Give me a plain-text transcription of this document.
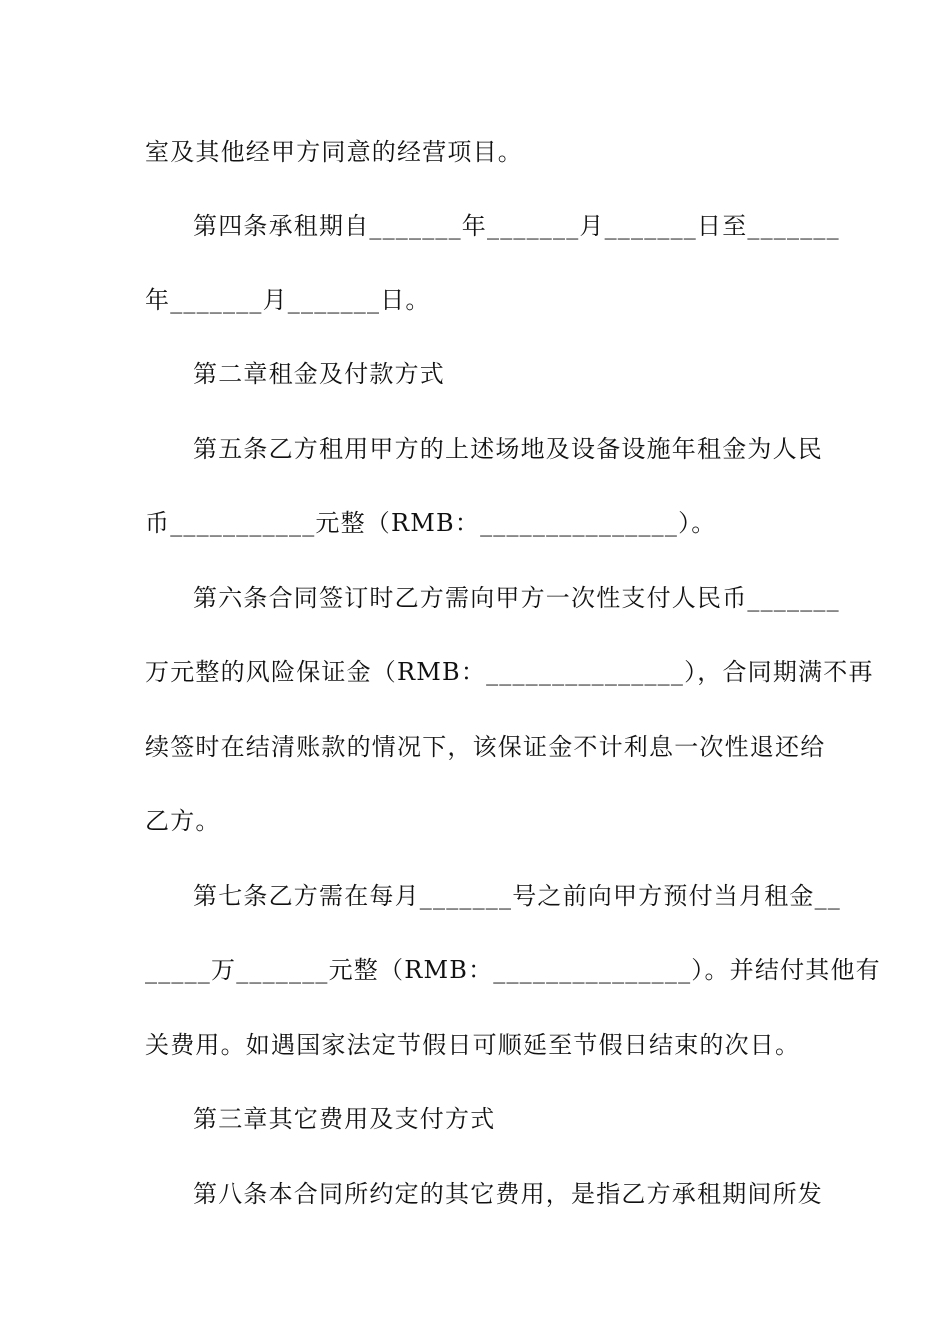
室及其他经甲方同意的经营项目。
第四条承租期自_______年_______月_______日至_______
年_______月_______日。
第二章租金及付款方式
第五条乙方租用甲方的上述场地及设备设施年租金为人民
币___________元整（RMB：_______________）。
第六条合同签订时乙方需向甲方一次性支付人民币_______
万元整的风险保证金（RMB：_______________），合同期满不再
续签时在结清账款的情况下，该保证金不计利息一次性退还给
乙方。
第七条乙方需在每月_______号之前向甲方预付当月租金__
_____万_______元整（RMB：_______________）。并结付其他有
关费用。如遇国家法定节假日可顺延至节假日结束的次日。
第三章其它费用及支付方式
第八条本合同所约定的其它费用，是指乙方承租期间所发
